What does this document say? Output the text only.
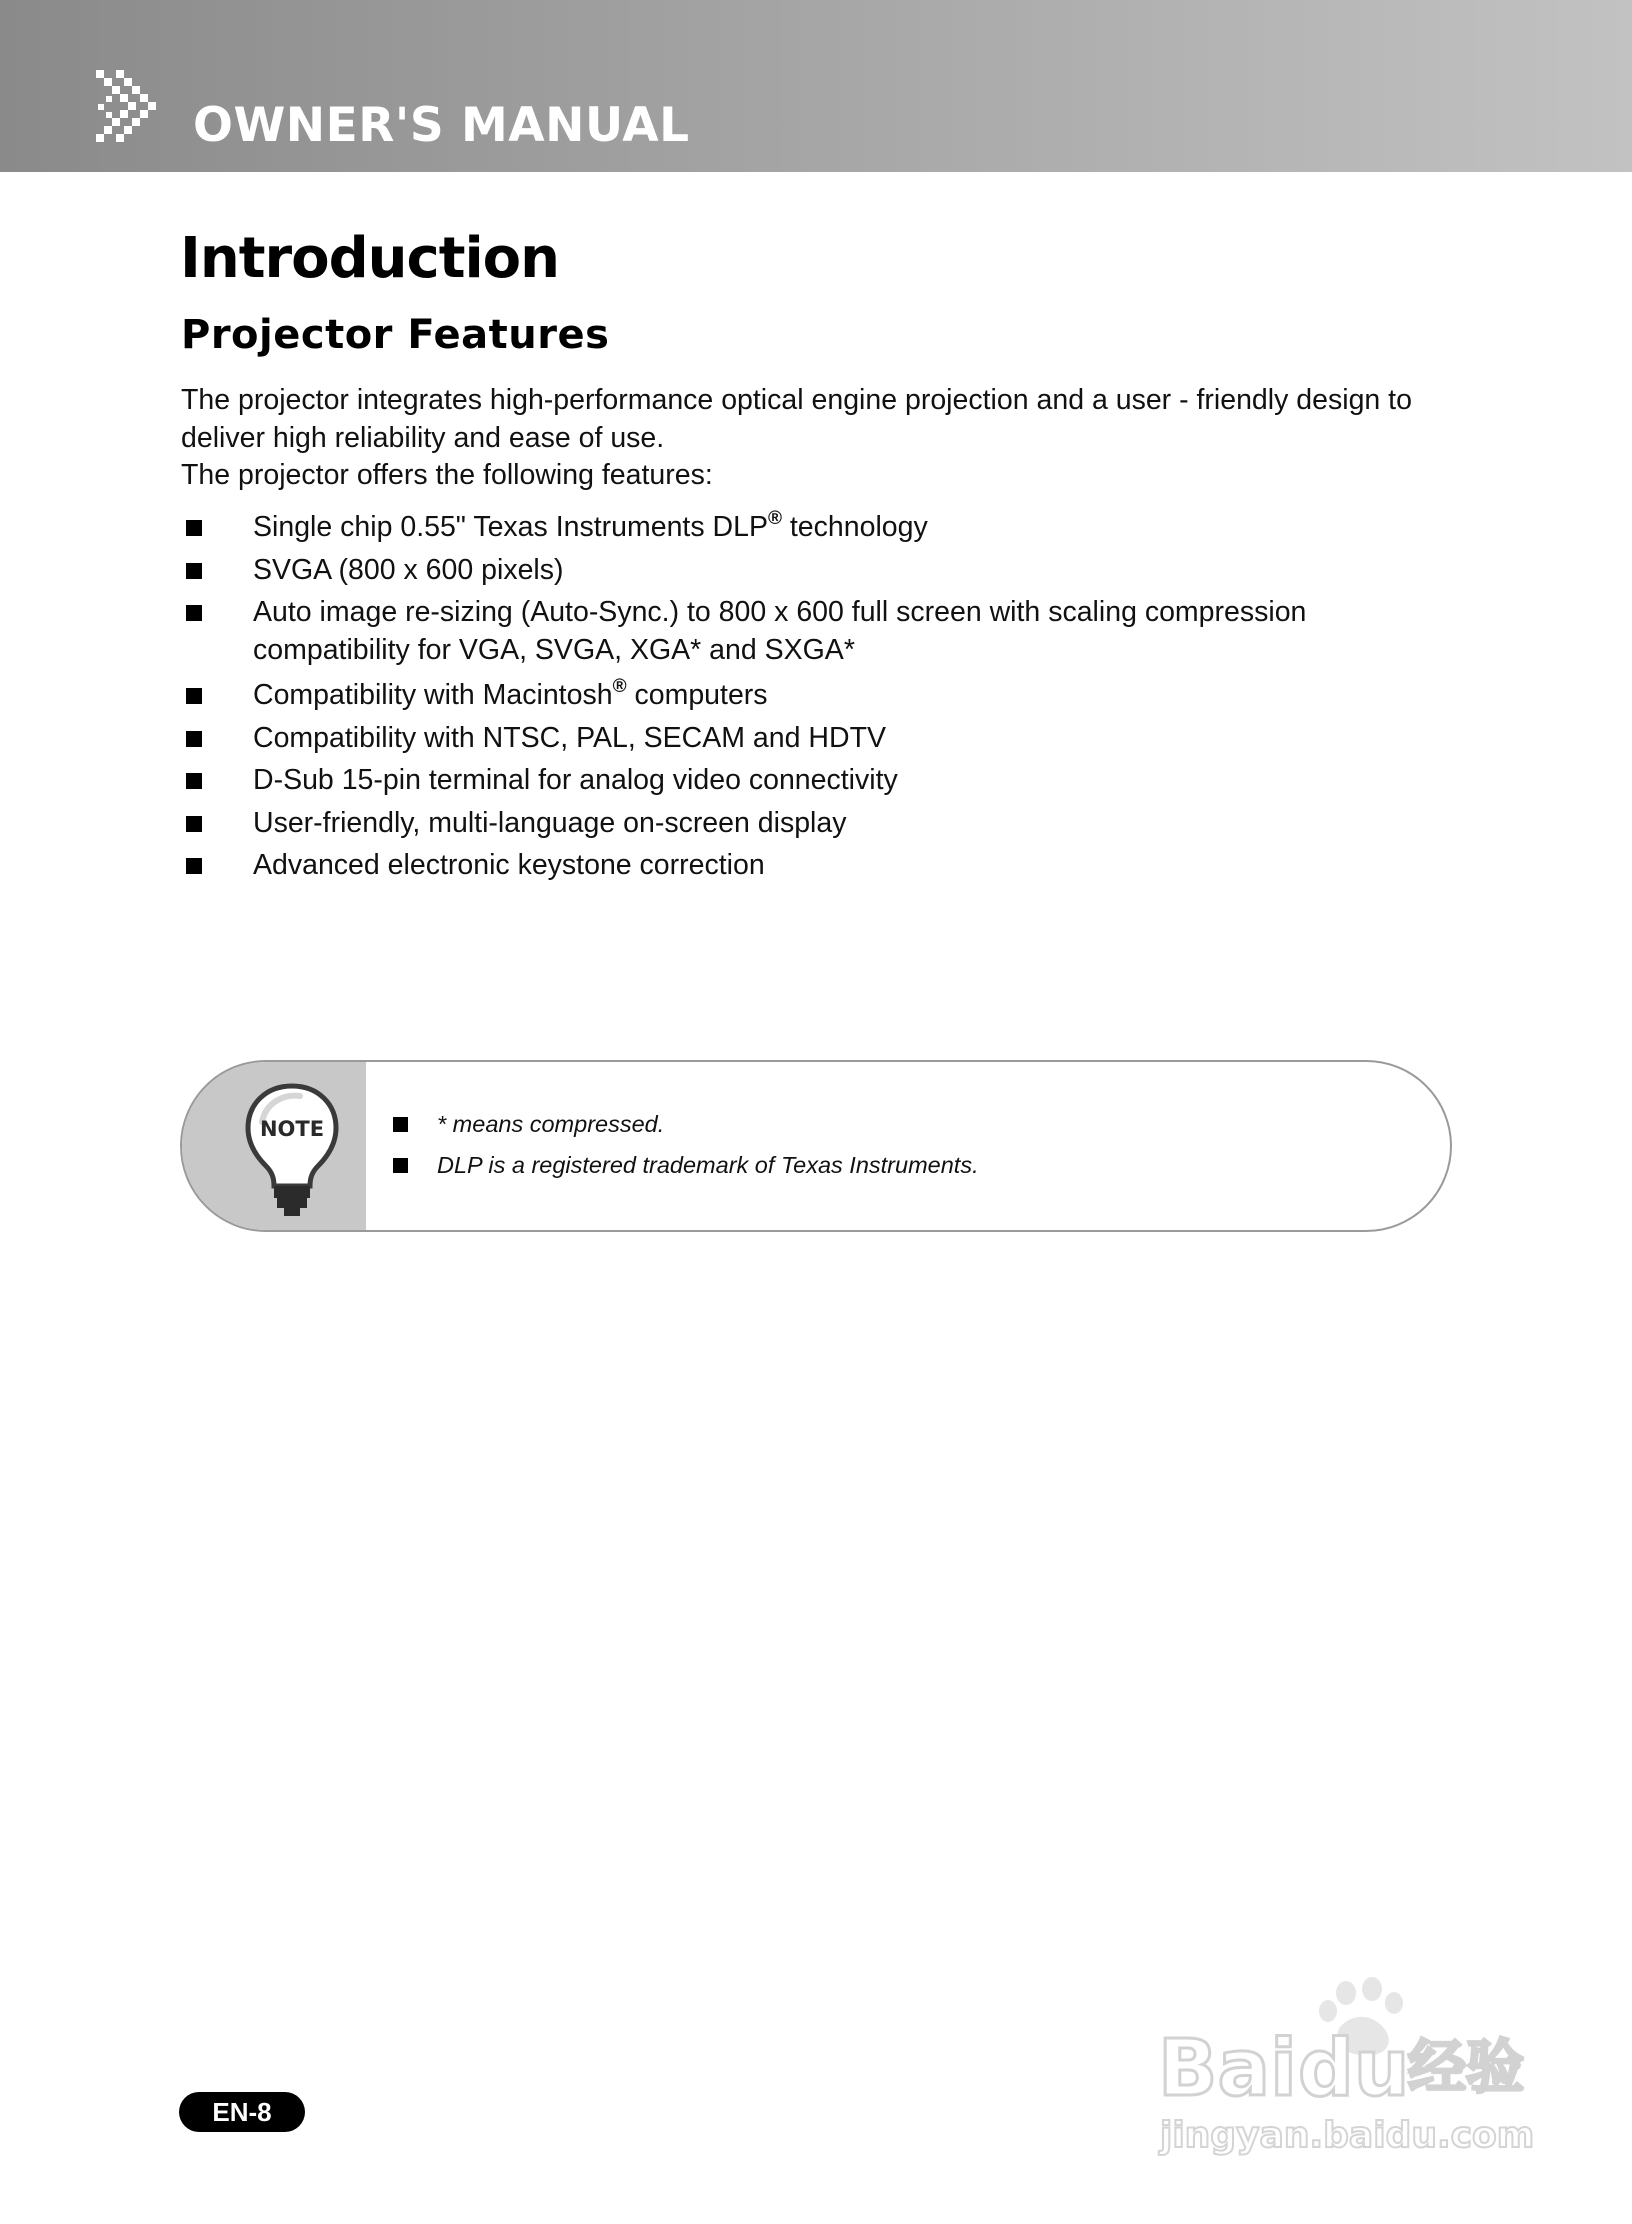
OWNER'S MANUAL
Introduction
Projector Features

The projector integrates high-performance optical engine projection and a user - friendly design to

deliver high reliability and ease of use.

The projector offers the following features:

Single chip 0.55" Texas Instruments DLP® technology
SVGA (800 x 600 pixels)
Auto image re-sizing (Auto-Sync.) to 800 x 600 full screen with scaling compression
compatibility for VGA, SVGA, XGA* and SXGA*
Compatibility with Macintosh® computers
Compatibility with NTSC, PAL, SECAM and HDTV
D-Sub 15-pin terminal for analog video connectivity
User-friendly, multi-language on-screen display
Advanced electronic keystone correction
NOTE	* means compressed.
DLP is a registered trademark of Texas Instruments.
EN-8	Bai du
经验
jingyan.baidu.com
